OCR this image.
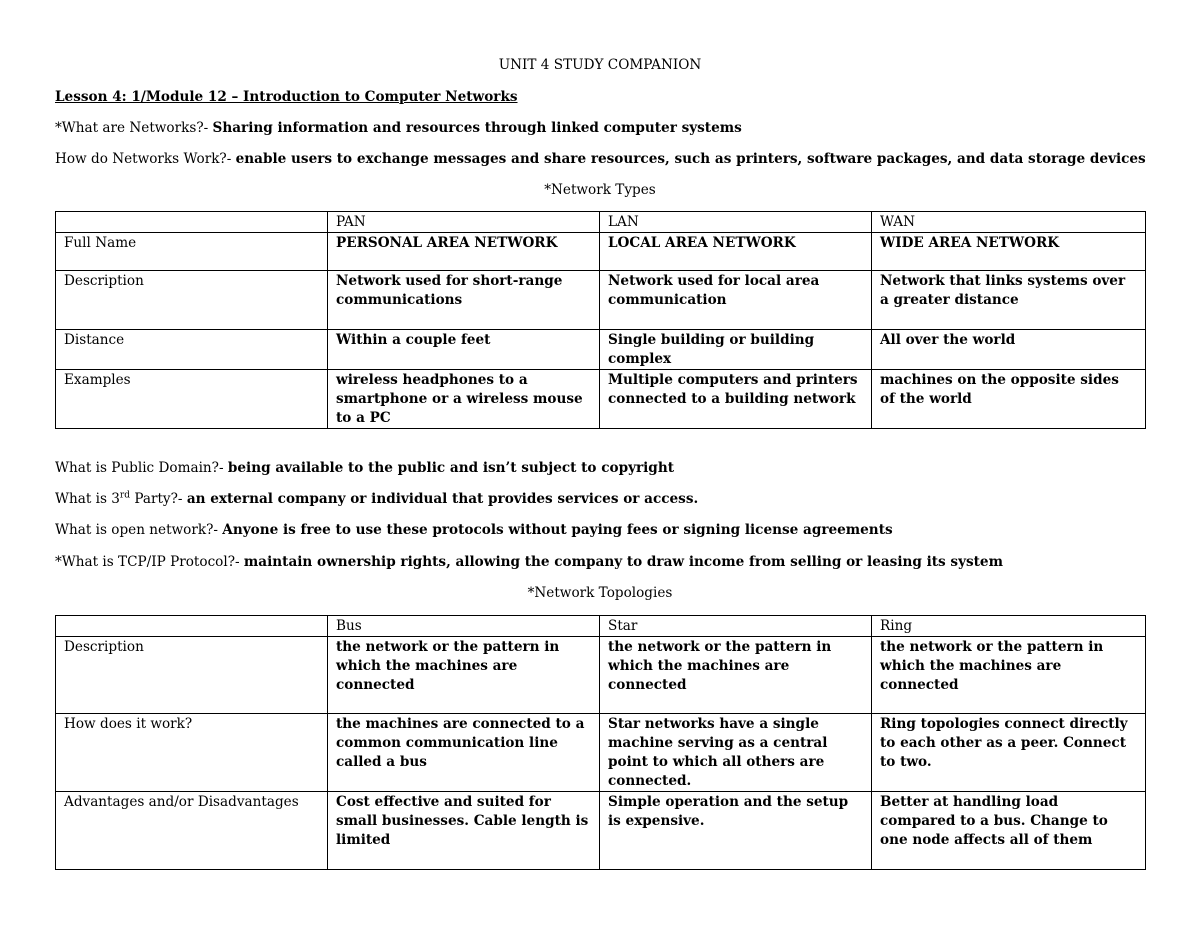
UNIT 4 STUDY COMPANION
Lesson 4: 1/Module 12 – Introduction to Computer Networks
*What are Networks?- Sharing information and resources through linked computer systems
How do Networks Work?- enable users to exchange messages and share resources, such as printers, software packages, and data storage devices
*Network Types
	PAN	LAN	WAN
Full Name	PERSONAL AREA NETWORK	LOCAL AREA NETWORK	WIDE AREA NETWORK
Description	Network used for short-range communications	Network used for local area communication	Network that links systems over a greater distance
Distance	Within a couple feet	Single building or building complex	All over the world
Examples	wireless headphones to a smartphone or a wireless mouse to a PC	Multiple computers and printers connected to a building network	machines on the opposite sides of the world
What is Public Domain?- being available to the public and isn’t subject to copyright
What is 3rd Party?- an external company or individual that provides services or access.
What is open network?- Anyone is free to use these protocols without paying fees or signing license agreements
*What is TCP/IP Protocol?- maintain ownership rights, allowing the company to draw income from selling or leasing its system
*Network Topologies
	Bus	Star	Ring
Description	the network or the pattern in which the machines are connected	the network or the pattern in which the machines are connected	the network or the pattern in which the machines are connected
How does it work?	the machines are connected to a common communication line called a bus	Star networks have a single machine serving as a central point to which all others are connected.	Ring topologies connect directly to each other as a peer. Connect to two.
Advantages and/or Disadvantages	Cost effective and suited for small businesses. Cable length is limited	Simple operation and the setup is expensive.	Better at handling load compared to a bus. Change to one node affects all of them
